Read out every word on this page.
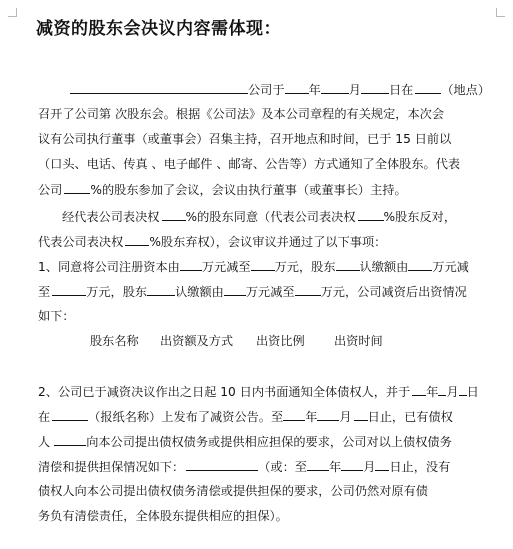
减资的股东会决议内容需体现：
公司于 年 月 日在 （地点）
召开了公司第 次股东会。根据《公司法》及本公司章程的有关规定，本次会
议有公司执行董事（或董事会）召集主持，召开地点和时间，已于 15 日前以
（口头、电话、传真 、电子邮件 、邮寄、公告等）方式通知了全体股东。代表
公司 %的股东参加了会议，会议由执行董事（或董事长）主持。
经代表公司表决权 %的股东同意（代表公司表决权 %股东反对，
代表公司表决权 %股东弃权），会议审议并通过了以下事项：
1、同意将公司注册资本由 万元减至 万元，股东 认缴额由 万元减
至	万元，股东 认缴额由 万元减至 万元，公司减资后出资情况
如下：
股东名称 出资额及方式 出资比例 出资时间
2、公司已于减资决议作出之日起 10 日内书面通知全体债权人，并于 年 月 日
在	（报纸名称）上发布了减资公告。至 年 月 日止，已有债权
人	向本公司提出债权债务或提供相应担保的要求，公司对以上债权债务
清偿和提供担保情况如下：	（或：至 年 月 日止，没有
债权人向本公司提出债权债务清偿或提供担保的要求，公司仍然对原有债
务负有清偿责任，全体股东提供相应的担保）。
